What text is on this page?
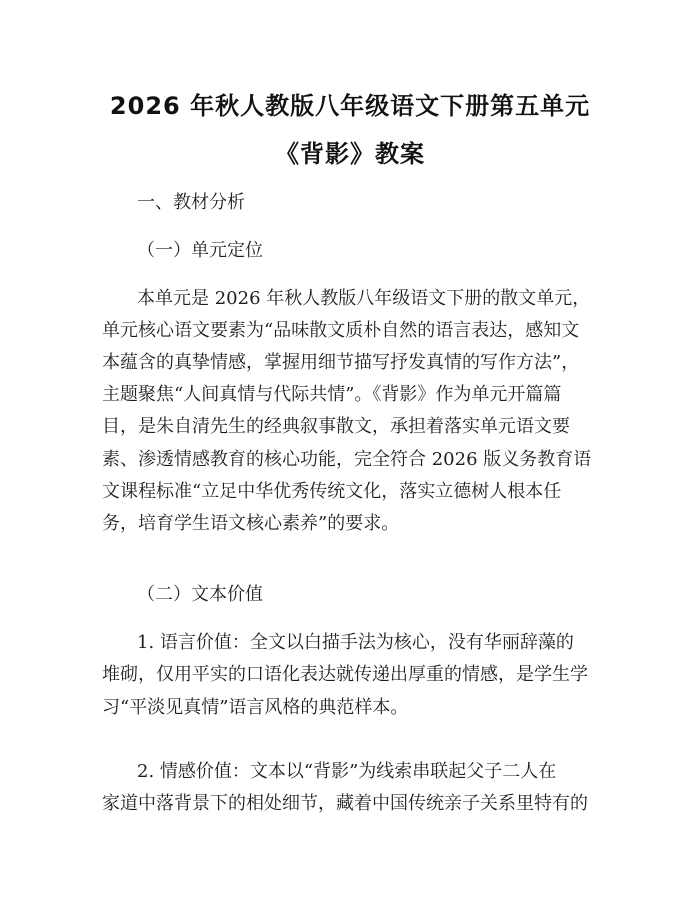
2026 年秋人教版八年级语文下册第五单元
《背影》教案
一、教材分析
（一）单元定位
本单元是 2026 年秋人教版八年级语文下册的散文单元，
单元核心语文要素为“品味散文质朴自然的语言表达，感知文
本蕴含的真挚情感，掌握用细节描写抒发真情的写作方法”，
主题聚焦“人间真情与代际共情”。《背影》作为单元开篇篇
目，是朱自清先生的经典叙事散文，承担着落实单元语文要
素、渗透情感教育的核心功能，完全符合 2026 版义务教育语
文课程标准“立足中华优秀传统文化，落实立德树人根本任
务，培育学生语文核心素养”的要求。
（二）文本价值
1. 语言价值：全文以白描手法为核心，没有华丽辞藻的
堆砌，仅用平实的口语化表达就传递出厚重的情感，是学生学
习“平淡见真情”语言风格的典范样本。
2. 情感价值：文本以“背影”为线索串联起父子二人在
家道中落背景下的相处细节，藏着中国传统亲子关系里特有的
